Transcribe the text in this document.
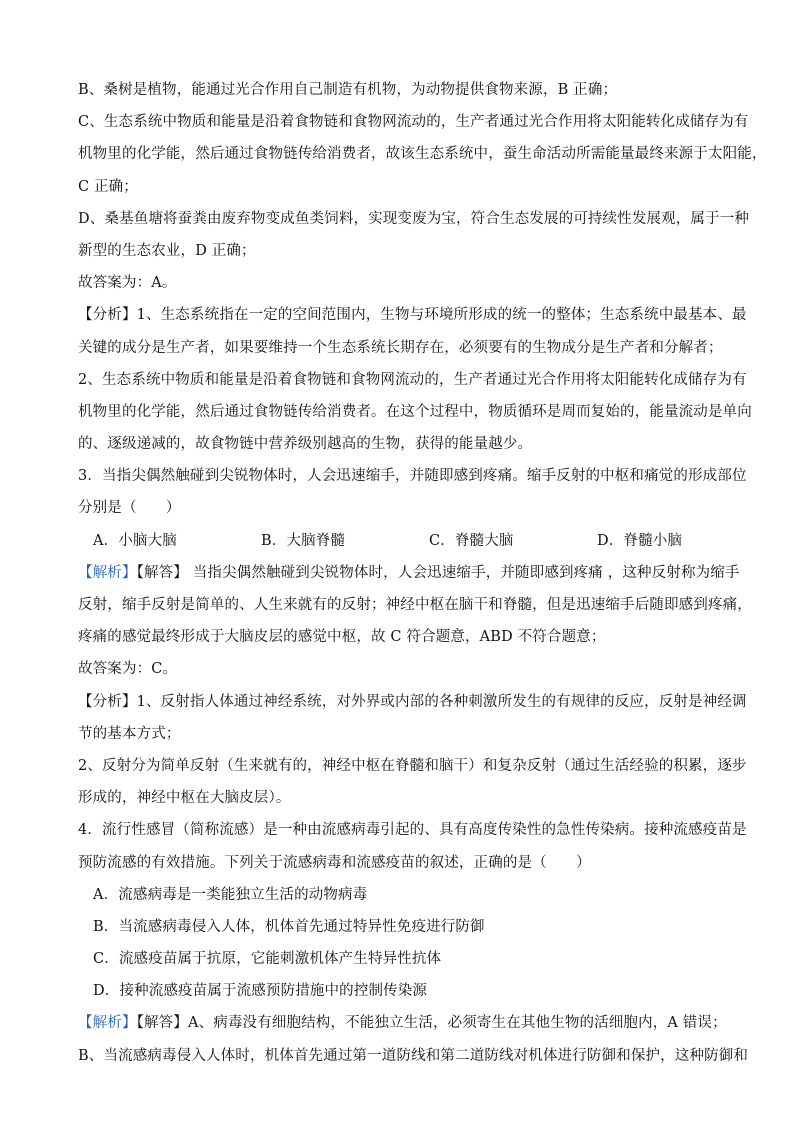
B、桑树是植物，能通过光合作用自己制造有机物，为动物提供食物来源，B 正确；
C、生态系统中物质和能量是沿着食物链和食物网流动的，生产者通过光合作用将太阳能转化成储存为有
机物里的化学能，然后通过食物链传给消费者，故该生态系统中，蚕生命活动所需能量最终来源于太阳能，
C 正确；
D、桑基鱼塘将蚕粪由废弃物变成鱼类饲料，实现变废为宝，符合生态发展的可持续性发展观，属于一种
新型的生态农业，D 正确；
故答案为：A。
【分析】1、生态系统指在一定的空间范围内，生物与环境所形成的统一的整体；生态系统中最基本、最
关键的成分是生产者，如果要维持一个生态系统长期存在，必须要有的生物成分是生产者和分解者；
2、生态系统中物质和能量是沿着食物链和食物网流动的，生产者通过光合作用将太阳能转化成储存为有
机物里的化学能，然后通过食物链传给消费者。在这个过程中，物质循环是周而复始的，能量流动是单向
的、逐级递减的，故食物链中营养级别越高的生物，获得的能量越少。
3．当指尖偶然触碰到尖锐物体时，人会迅速缩手，并随即感到疼痛。缩手反射的中枢和痛觉的形成部位
分别是（　　）
A．小脑大脑	B．大脑脊髓	C．脊髓大脑	D．脊髓小脑
【解析】【解答】 当指尖偶然触碰到尖锐物体时，人会迅速缩手，并随即感到疼痛 ，这种反射称为缩手
反射，缩手反射是简单的、人生来就有的反射；神经中枢在脑干和脊髓，但是迅速缩手后随即感到疼痛，
疼痛的感觉最终形成于大脑皮层的感觉中枢，故 C 符合题意，ABD 不符合题意；
故答案为：C。
【分析】1、反射指人体通过神经系统，对外界或内部的各种刺激所发生的有规律的反应，反射是神经调
节的基本方式；
2、反射分为简单反射（生来就有的，神经中枢在脊髓和脑干）和复杂反射（通过生活经验的积累，逐步
形成的，神经中枢在大脑皮层）。
4．流行性感冒（简称流感）是一种由流感病毒引起的、具有高度传染性的急性传染病。接种流感疫苗是
预防流感的有效措施。下列关于流感病毒和流感疫苗的叙述，正确的是（　　）
A．流感病毒是一类能独立生活的动物病毒
B．当流感病毒侵入人体，机体首先通过特异性免疫进行防御
C．流感疫苗属于抗原，它能刺激机体产生特异性抗体
D．接种流感疫苗属于流感预防措施中的控制传染源
【解析】【解答】A、病毒没有细胞结构，不能独立生活，必须寄生在其他生物的活细胞内，A 错误；
B、当流感病毒侵入人体时，机体首先通过第一道防线和第二道防线对机体进行防御和保护，这种防御和
